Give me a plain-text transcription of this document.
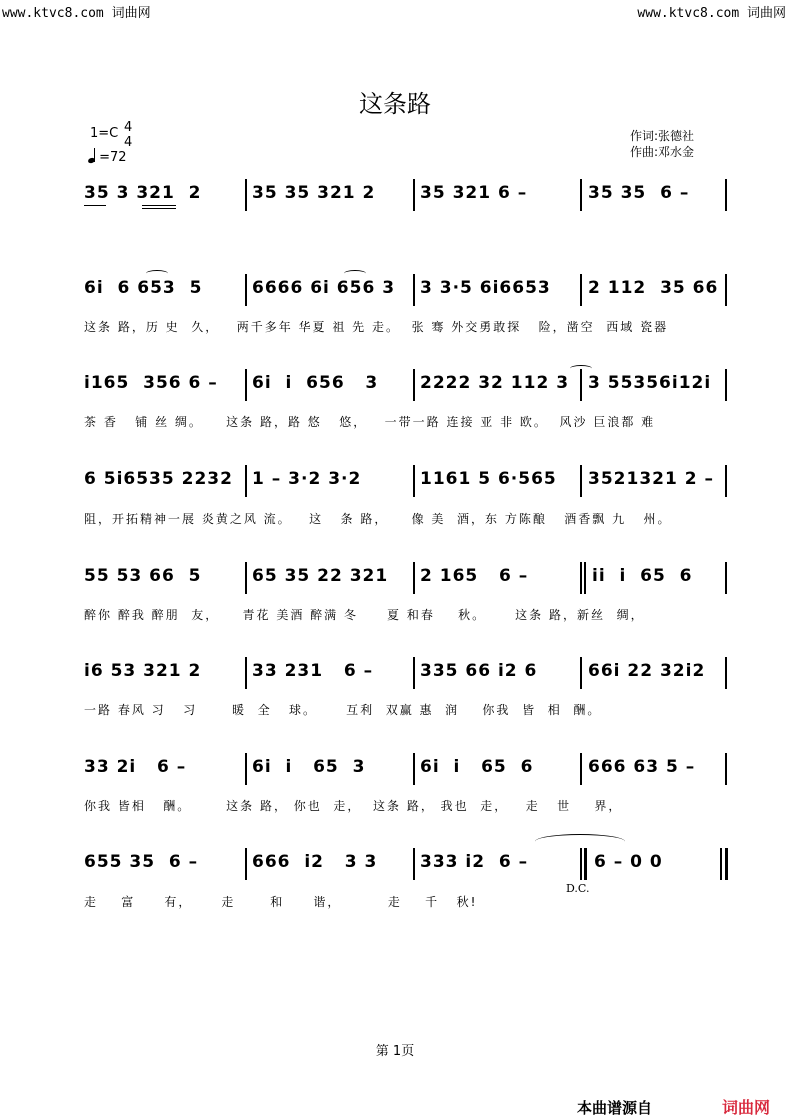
www.ktvc8.com 词曲网	www.ktvc8.com 词曲网
这条路
1=C 4
4
=72
作词:张德社
作曲:邓水金
35 3 321  2	35 35 321 2	35 321 6 –	35 35  6 –
6i  6 653  5	6666 6i 656 3 3 3·5 6i6653 2 112  35 66
这条 路，历 史  久，   两千多年 华夏 祖 先 走。  张 骞 外交勇敢探   险，凿空  西域 瓷器
i165  356 6 – 6i  i  656   3 2222 32 112 3 3 55356i12i
茶 香   铺 丝 绸。    这条 路，路 悠   悠，   一带一路 连接 亚 非 欧。  风沙 巨浪都 难
6 5i6535 2232 1 – 3·2 3·2	1161 5 6·565 3521321 2 –
阻，开拓精神一展 炎黄之风 流。   这   条 路，    像 美  酒，东 方陈酿   酒香飘 九   州。
55 53 66  5	65 35 22 321 2 165   6 –	ii  i  65  6
醉你 醉我 醉朋  友，    青花 美酒 醉满 冬     夏 和春    秋。     这条 路，新丝  绸，
i6 53 321 2	33 231   6 –	335 66 i2 6	66i 22 32i2
一路 春风 习   习      暖  全   球。     互利  双赢 惠  润    你我  皆  相  酬。
33 2i   6 –	6i  i   65  3	6i  i   65  6	666 63 5 –
你我 皆相   酬。      这条 路， 你也  走，  这条 路， 我也  走，   走   世    界，
655 35  6 –	666  i2   3 3	333 i2  6 –	6 – 0 0
走    富     有，     走      和     谐，        走    千   秋!
D.C.
第 1页
本曲谱源自	词曲网
